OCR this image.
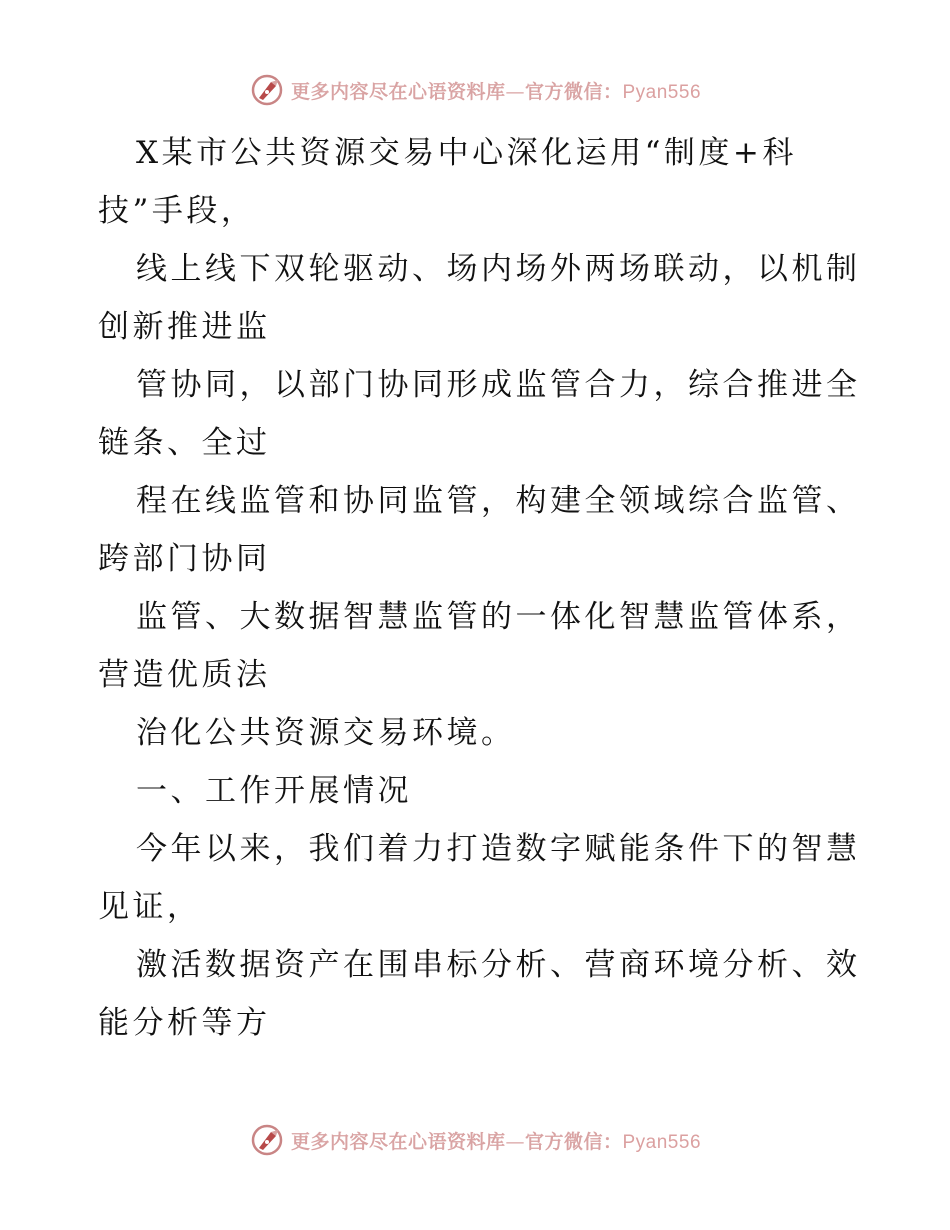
更多内容尽在心语资料库—官方微信：Pyan556
X某市公共资源交易中心深化运用“制度+科
技”手段，
线上线下双轮驱动、场内场外两场联动，以机制
创新推进监
管协同，以部门协同形成监管合力，综合推进全
链条、全过
程在线监管和协同监管，构建全领域综合监管、
跨部门协同
监管、大数据智慧监管的一体化智慧监管体系，
营造优质法
治化公共资源交易环境。
一、工作开展情况
今年以来，我们着力打造数字赋能条件下的智慧
见证，
激活数据资产在围串标分析、营商环境分析、效
能分析等方
更多内容尽在心语资料库—官方微信：Pyan556
